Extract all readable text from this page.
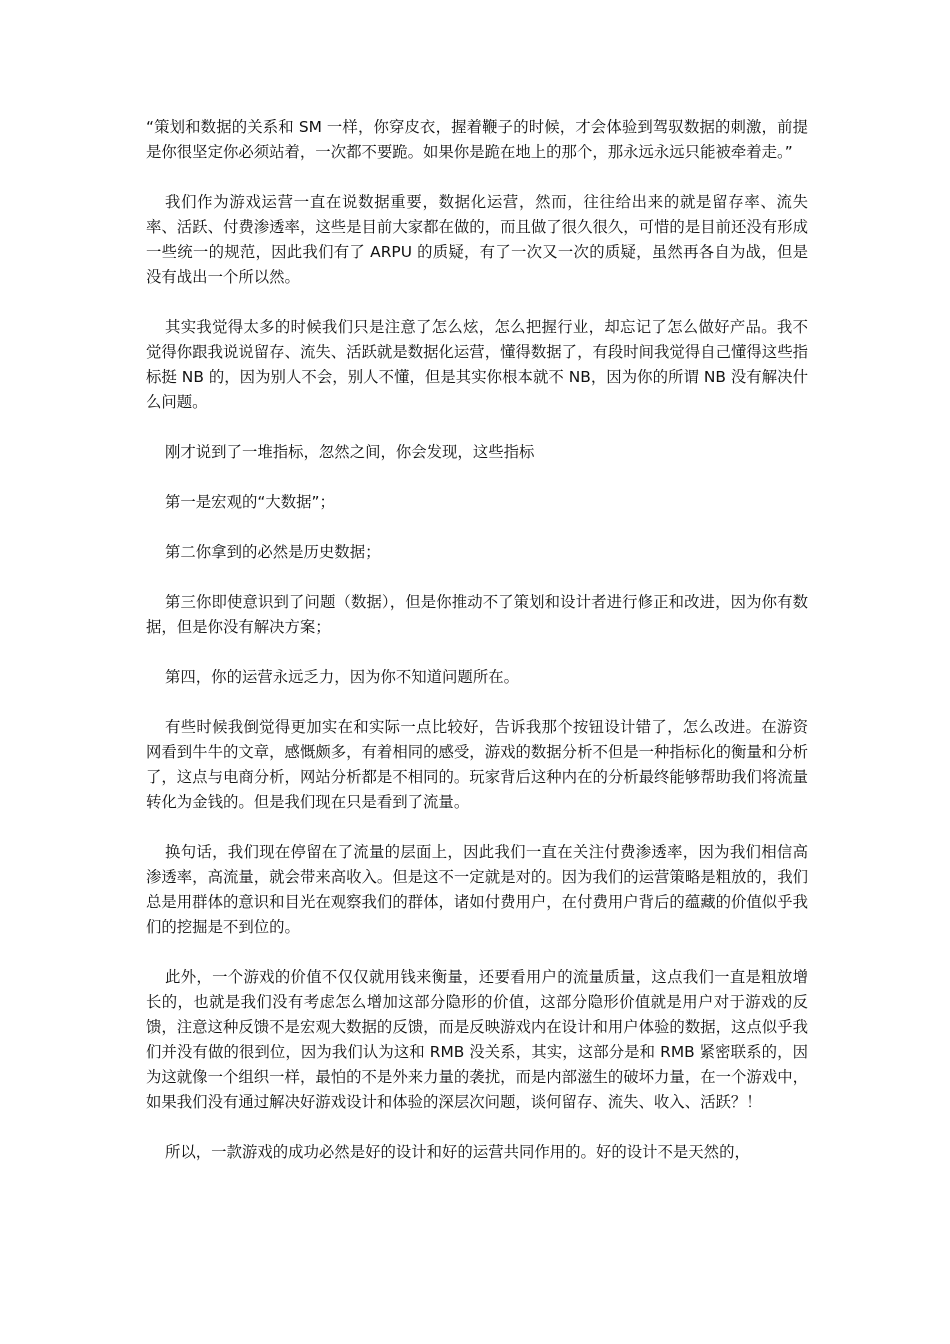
“策划和数据的关系和 SM 一样，你穿皮衣，握着鞭子的时候，才会体验到驾驭数据的刺激，前提是你很坚定你必须站着，一次都不要跪。如果你是跪在地上的那个，那永远永远只能被牵着走。”

我们作为游戏运营一直在说数据重要，数据化运营，然而，往往给出来的就是留存率、流失率、活跃、付费渗透率，这些是目前大家都在做的，而且做了很久很久，可惜的是目前还没有形成一些统一的规范，因此我们有了 ARPU 的质疑，有了一次又一次的质疑，虽然再各自为战，但是没有战出一个所以然。

其实我觉得太多的时候我们只是注意了怎么炫，怎么把握行业，却忘记了怎么做好产品。我不觉得你跟我说说留存、流失、活跃就是数据化运营，懂得数据了，有段时间我觉得自己懂得这些指标挺 NB 的，因为别人不会，别人不懂，但是其实你根本就不 NB，因为你的所谓 NB 没有解决什么问题。

刚才说到了一堆指标，忽然之间，你会发现，这些指标

第一是宏观的“大数据”；

第二你拿到的必然是历史数据；

第三你即使意识到了问题（数据），但是你推动不了策划和设计者进行修正和改进，因为你有数据，但是你没有解决方案；

第四，你的运营永远乏力，因为你不知道问题所在。

有些时候我倒觉得更加实在和实际一点比较好，告诉我那个按钮设计错了，怎么改进。在游资网看到牛牛的文章，感慨颇多，有着相同的感受，游戏的数据分析不但是一种指标化的衡量和分析了，这点与电商分析，网站分析都是不相同的。玩家背后这种内在的分析最终能够帮助我们将流量转化为金钱的。但是我们现在只是看到了流量。

换句话，我们现在停留在了流量的层面上，因此我们一直在关注付费渗透率，因为我们相信高渗透率，高流量，就会带来高收入。但是这不一定就是对的。因为我们的运营策略是粗放的，我们总是用群体的意识和目光在观察我们的群体，诸如付费用户，在付费用户背后的蕴藏的价值似乎我们的挖掘是不到位的。

此外，一个游戏的价值不仅仅就用钱来衡量，还要看用户的流量质量，这点我们一直是粗放增长的，也就是我们没有考虑怎么增加这部分隐形的价值，这部分隐形价值就是用户对于游戏的反馈，注意这种反馈不是宏观大数据的反馈，而是反映游戏内在设计和用户体验的数据，这点似乎我们并没有做的很到位，因为我们认为这和 RMB 没关系，其实，这部分是和 RMB 紧密联系的，因为这就像一个组织一样，最怕的不是外来力量的袭扰，而是内部滋生的破坏力量，在一个游戏中，如果我们没有通过解决好游戏设计和体验的深层次问题，谈何留存、流失、收入、活跃？！

所以，一款游戏的成功必然是好的设计和好的运营共同作用的。好的设计不是天然的，
